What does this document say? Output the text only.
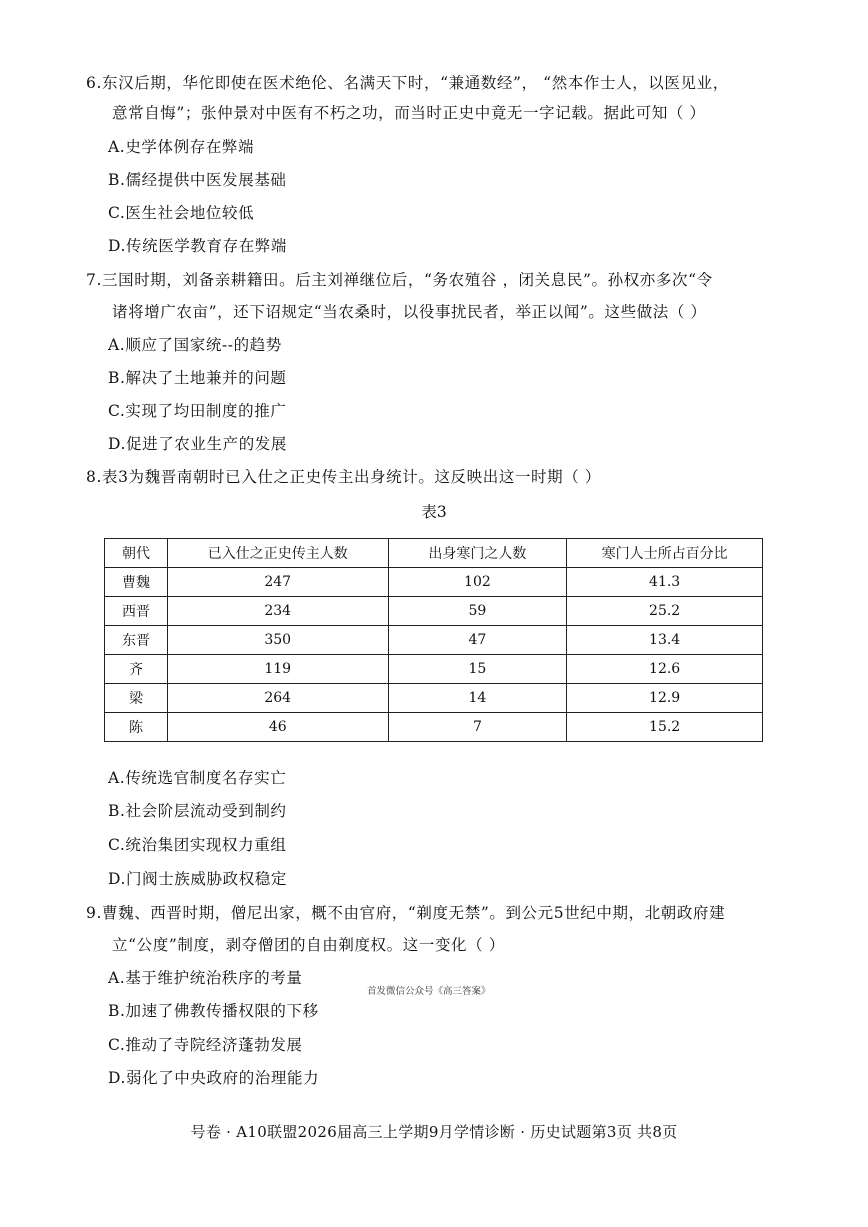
6.东汉后期，华佗即使在医术绝伦、名满天下时，“兼通数经”， “然本作士人，以医见业，
意常自悔”；张仲景对中医有不朽之功，而当时正史中竟无一字记载。据此可知（ ）
A.史学体例存在弊端
B.儒经提供中医发展基础
C.医生社会地位较低
D.传统医学教育存在弊端
7.三国时期，刘备亲耕籍田。后主刘禅继位后，“务农殖谷 ，闭关息民”。孙权亦多次“令
诸将增广农亩”，还下诏规定“当农桑时，以役事扰民者，举正以闻”。这些做法（ ）
A.顺应了国家统--的趋势
B.解决了土地兼并的问题
C.实现了均田制度的推广
D.促进了农业生产的发展
8.表3为魏晋南朝时已入仕之正史传主出身统计。这反映出这一时期（ ）
表3
朝代	已入仕之正史传主人数	出身寒门之人数	寒门人士所占百分比
曹魏	247	102	41.3
西晋	234	59	25.2
东晋	350	47	13.4
齐	119	15	12.6
梁	264	14	12.9
陈	46	7	15.2
A.传统选官制度名存实亡
B.社会阶层流动受到制约
C.统治集团实现权力重组
D.门阀士族威胁政权稳定
9.曹魏、西晋时期，僧尼出家，概不由官府，“剃度无禁”。到公元5世纪中期，北朝政府建
立“公度”制度，剥夺僧团的自由剃度权。这一变化（ ）
A.基于维护统治秩序的考量
首发微信公众号《高三答案》
B.加速了佛教传播权限的下移
C.推动了寺院经济蓬勃发展
D.弱化了中央政府的治理能力
号卷 · A10联盟2026届高三上学期9月学情诊断 · 历史试题第3页 共8页
